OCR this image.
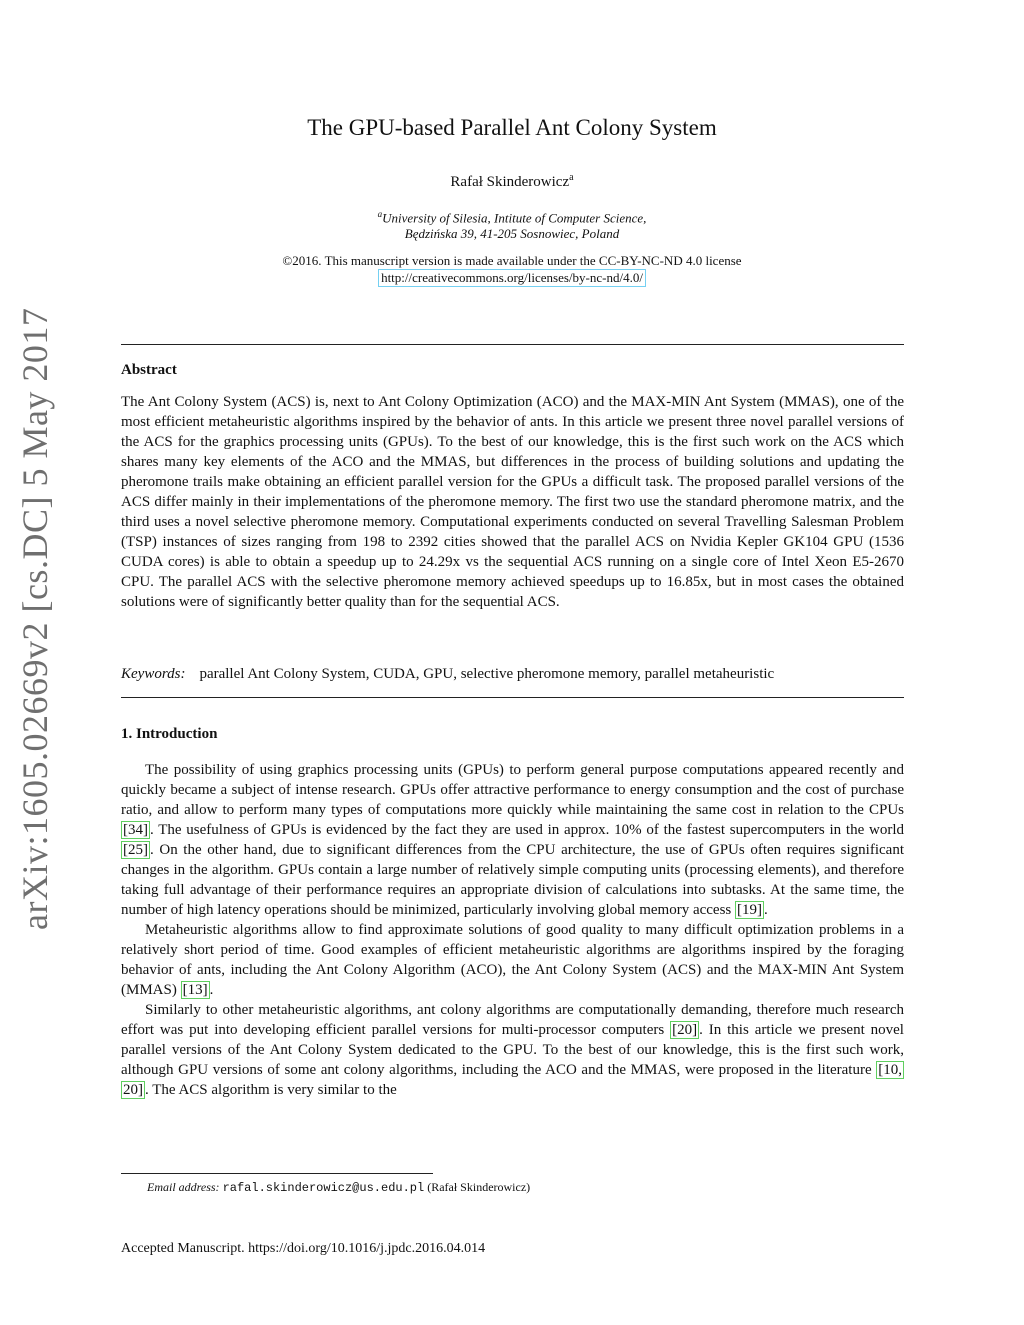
arXiv:1605.02669v2 [cs.DC] 5 May 2017
The GPU-based Parallel Ant Colony System
Rafał Skinderowicz$^a$
$^a$University of Silesia, Intitute of Computer Science,
Będzińska 39, 41-205 Sosnowiec, Poland
©2016. This manuscript version is made available under the CC-BY-NC-ND 4.0 license
http://creativecommons.org/licenses/by-nc-nd/4.0/
Abstract
The Ant Colony System (ACS) is, next to Ant Colony Optimization (ACO) and the MAX-MIN Ant System (MMAS), one of the most efficient metaheuristic algorithms inspired by the behavior of ants. In this article we present three novel parallel versions of the ACS for the graphics processing units (GPUs). To the best of our knowledge, this is the first such work on the ACS which shares many key elements of the ACO and the MMAS, but differences in the process of building solutions and updating the pheromone trails make obtaining an efficient parallel version for the GPUs a difficult task. The proposed parallel versions of the ACS differ mainly in their implementations of the pheromone memory. The first two use the standard pheromone matrix, and the third uses a novel selective pheromone memory. Computational experiments conducted on several Travelling Salesman Problem (TSP) instances of sizes ranging from 198 to 2392 cities showed that the parallel ACS on Nvidia Kepler GK104 GPU (1536 CUDA cores) is able to obtain a speedup up to 24.29x vs the sequential ACS running on a single core of Intel Xeon E5-2670 CPU. The parallel ACS with the selective pheromone memory achieved speedups up to 16.85x, but in most cases the obtained solutions were of significantly better quality than for the sequential ACS.
Keywords: parallel Ant Colony System, CUDA, GPU, selective pheromone memory, parallel metaheuristic
1. Introduction

The possibility of using graphics processing units (GPUs) to perform general purpose computations appeared recently and quickly became a subject of intense research. GPUs offer attractive performance to energy consumption and the cost of purchase ratio, and allow to perform many types of computations more quickly while maintaining the same cost in relation to the CPUs [34] . The usefulness of GPUs is evidenced by the fact they are used in approx. 10% of the fastest supercomputers in the world [25] . On the other hand, due to significant differences from the CPU architecture, the use of GPUs often requires significant changes in the algorithm. GPUs contain a large number of relatively simple computing units (processing elements), and therefore taking full advantage of their performance requires an appropriate division of calculations into subtasks. At the same time, the number of high latency operations should be minimized, particularly involving global memory access [19] .

Metaheuristic algorithms allow to find approximate solutions of good quality to many difficult optimization problems in a relatively short period of time. Good examples of efficient metaheuristic algorithms are algorithms inspired by the foraging behavior of ants, including the Ant Colony Algorithm (ACO), the Ant Colony System (ACS) and the MAX-MIN Ant System (MMAS) [13] .

Similarly to other metaheuristic algorithms, ant colony algorithms are computationally demanding, therefore much research effort was put into developing efficient parallel versions for multi-processor computers [20] . In this article we present novel parallel versions of the Ant Colony System dedicated to the GPU. To the best of our knowledge, this is the first such work, although GPU versions of some ant colony algorithms, including the ACO and the MMAS, were proposed in the literature [10, 20] . The ACS algorithm is very similar to the

Email address: rafal.skinderowicz@us.edu.pl (Rafał Skinderowicz)
Accepted Manuscript. https://doi.org/10.1016/j.jpdc.2016.04.014
